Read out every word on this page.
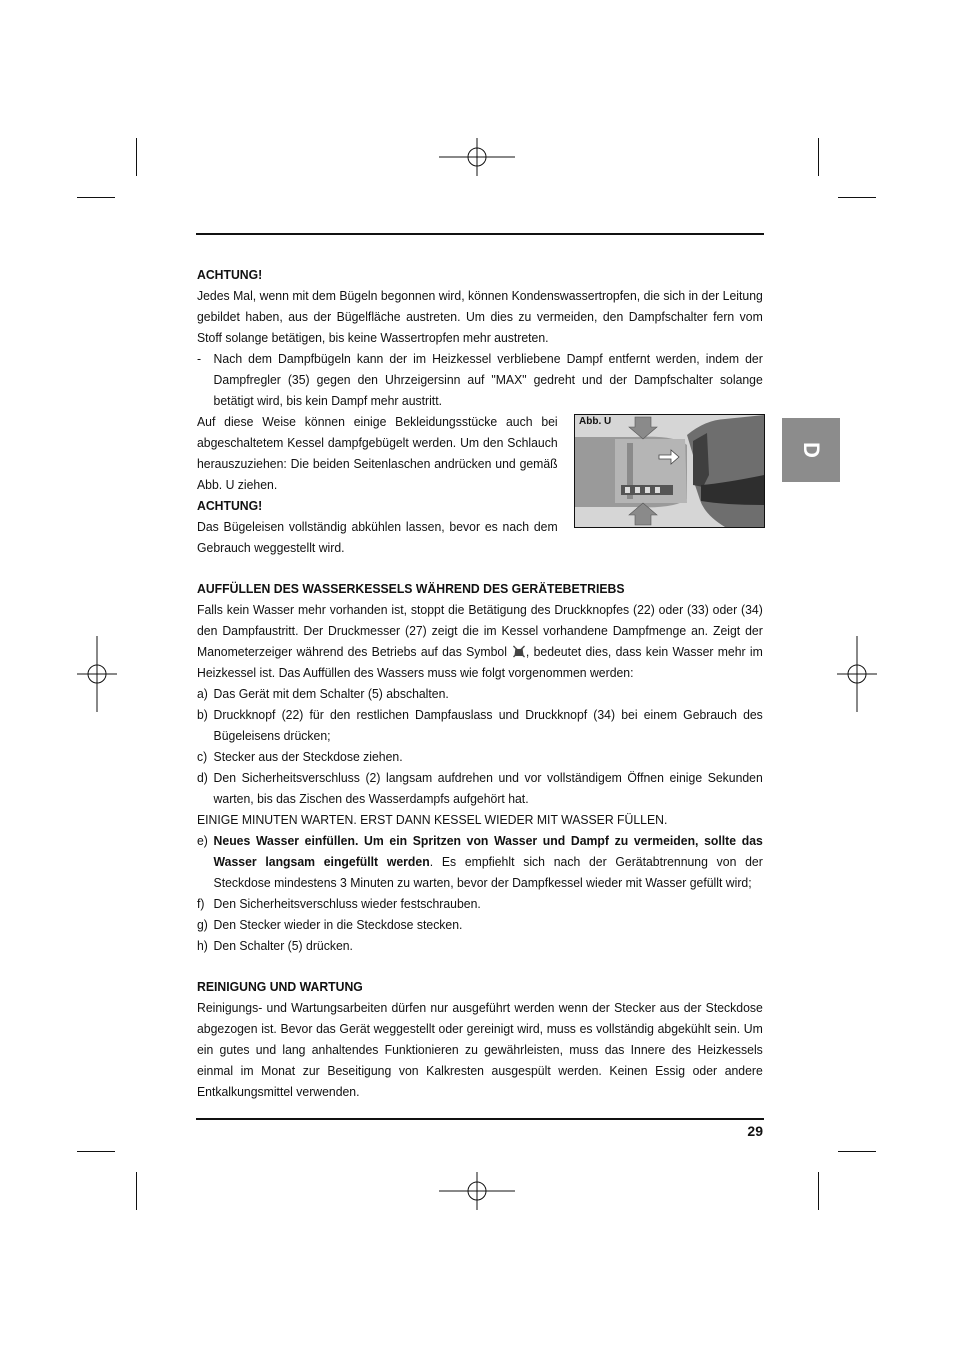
D
Abb. U

ACHTUNG!

Jedes Mal, wenn mit dem Bügeln begonnen wird, können Kondenswassertropfen, die sich in der Leitung gebildet haben, aus der Bügelfläche austreten. Um dies zu vermeiden, den Dampfschalter fern vom Stoff solange betätigen, bis keine Wassertropfen mehr austreten.

- Nach dem Dampfbügeln kann der im Heizkessel verbliebene Dampf entfernt werden, indem der Dampfregler (35) gegen den Uhrzeigersinn auf "MAX" gedreht und der Dampfschalter solange betätigt wird, bis kein Dampf mehr austritt.

Auf diese Weise können einige Bekleidungsstücke auch bei abgeschaltetem Kessel dampfgebügelt werden. Um den Schlauch herauszuziehen: Die beiden Seitenlaschen andrücken und gemäß Abb. U ziehen.

ACHTUNG!

Das Bügeleisen vollständig abkühlen lassen, bevor es nach dem Gebrauch weggestellt wird.

AUFFÜLLEN DES WASSERKESSELS WÄHREND DES GERÄTEBETRIEBS

Falls kein Wasser mehr vorhanden ist, stoppt die Betätigung des Druckknopfes (22) oder (33) oder (34) den Dampfaustritt. Der Druckmesser (27) zeigt die im Kessel vorhandene Dampfmenge an. Zeigt der Manometerzeiger während des Betriebs auf das Symbol , bedeutet dies, dass kein Wasser mehr im Heizkessel ist. Das Auffüllen des Wassers muss wie folgt vorgenommen werden:

a) Das Gerät mit dem Schalter (5) abschalten.
b) Druckknopf (22) für den restlichen Dampfauslass und Druckknopf (34) bei einem Gebrauch des Bügeleisens drücken;
c) Stecker aus der Steckdose ziehen.
d) Den Sicherheitsverschluss (2) langsam aufdrehen und vor vollständigem Öffnen einige Sekunden warten, bis das Zischen des Wasserdampfs aufgehört hat.

EINIGE MINUTEN WARTEN. ERST DANN KESSEL WIEDER MIT WASSER FÜLLEN.

e) Neues Wasser einfüllen. Um ein Spritzen von Wasser und Dampf zu vermeiden, sollte das Wasser langsam eingefüllt werden. Es empfiehlt sich nach der Gerätabtrennung von der Steckdose mindestens 3 Minuten zu warten, bevor der Dampfkessel wieder mit Wasser gefüllt wird;
f) Den Sicherheitsverschluss wieder festschrauben.
g) Den Stecker wieder in die Steckdose stecken.
h) Den Schalter (5) drücken.

REINIGUNG UND WARTUNG

Reinigungs- und Wartungsarbeiten dürfen nur ausgeführt werden wenn der Stecker aus der Steckdose abgezogen ist. Bevor das Gerät weggestellt oder gereinigt wird, muss es vollständig abgekühlt sein. Um ein gutes und lang anhaltendes Funktionieren zu gewährleisten, muss das Innere des Heizkessels einmal im Monat zur Beseitigung von Kalkresten ausgespült werden. Keinen Essig oder andere Entkalkungsmittel verwenden.

29
